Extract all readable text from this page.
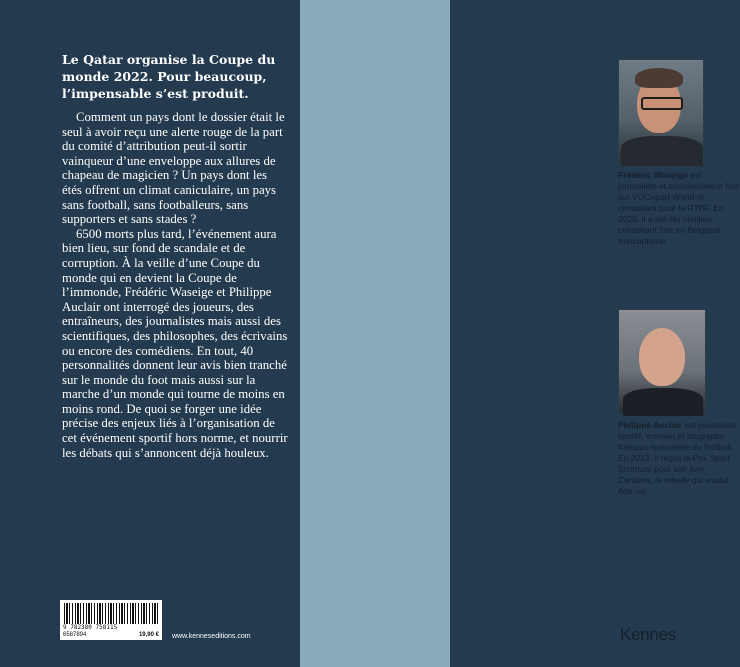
Le Qatar organise la Coupe du monde 2022. Pour beaucoup, l’impensable s’est produit.

Comment un pays dont le dossier était le seul à avoir reçu une alerte rouge de la part du comité d’attribution peut-il sortir vainqueur d’une enveloppe aux allures de chapeau de magicien ? Un pays dont les étés offrent un climat caniculaire, un pays sans football, sans footballeurs, sans supporters et sans stades ?

6500 morts plus tard, l’événement aura bien lieu, sur fond de scandale et de corruption. À la veille d’une Coupe du monde qui en devient la Coupe de l’immonde, Frédéric Waseige et Philippe Auclair ont interrogé des joueurs, des entraîneurs, des journalistes mais aussi des scientifiques, des philosophes, des écrivains ou encore des comédiens. En tout, 40 personnalités donnent leur avis bien tranché sur le monde du foot mais aussi sur la marche d’un monde qui tourne de moins en moins rond. De quoi se forger une idée précise des enjeux liés à l’organisation de cet événement sportif hors norme, et nourrir les débats qui s’annoncent déjà houleux.

9 782380 758115
6587894	19,90 € www.kenneseditions.com
Frédéric Waseige est journaliste et commentateur foot sur VOOsport World et consultant pour la RTBF. En 2020, il a été élu meilleur consultant foot en Belgique francophone.
Philippe Auclair est journaliste sportif, écrivain et biographe français spécialiste du football. En 2013, il reçoit le Prix Sport Scriptum pour son livre Cantona, le rebelle qui voulut être roi.
Kennes
